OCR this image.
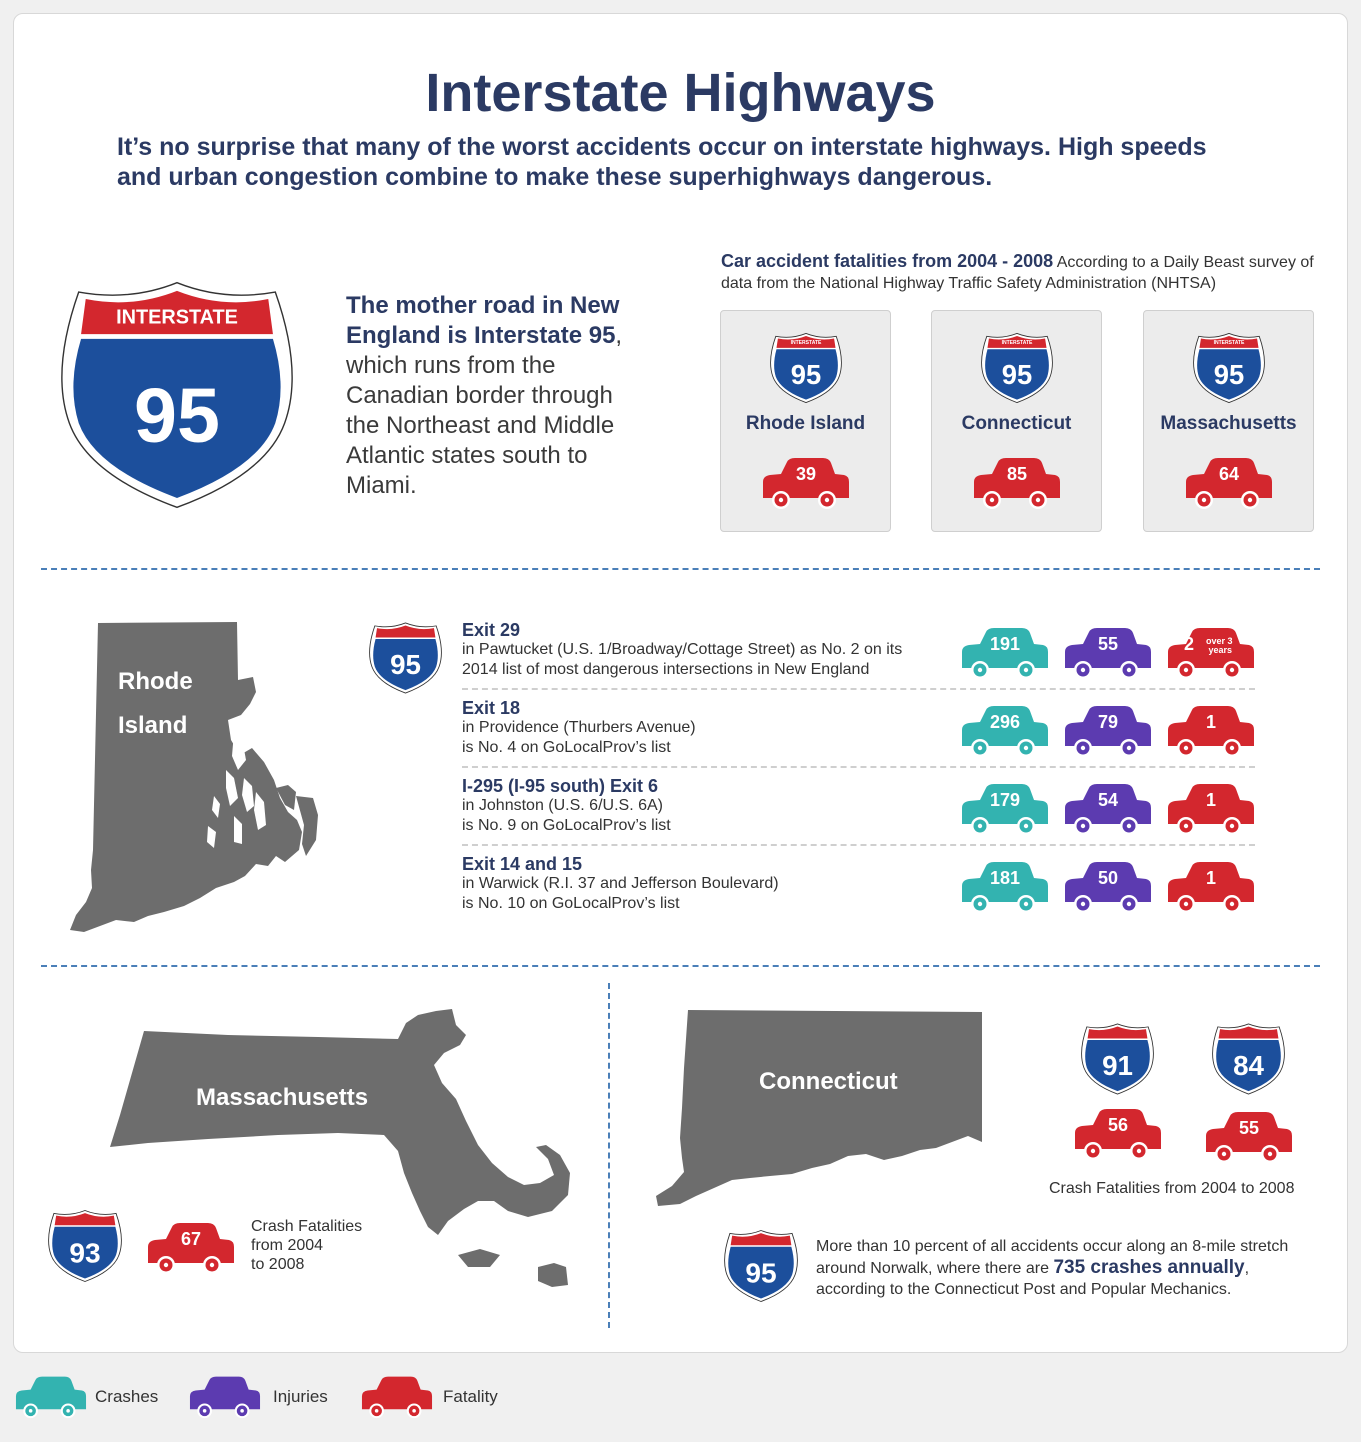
Interstate Highways

It’s no surprise that many of the worst accidents occur on interstate highways. High speeds and urban congestion combine to make these superhighways dangerous.

INTERSTATE
95

The mother road in New England is Interstate 95, which runs from the Canadian border through the Northeast and Middle Atlantic states south to Miami.

Car accident fatalities from 2004 - 2008 According to a Daily Beast survey of data from the National Highway Traffic Safety Administration (NHTSA)

INTERSTATE
95
Rhode Island
39
INTERSTATE
95
Connecticut
85
INTERSTATE
95
Massachusetts
64
Rhode
Island
95
Exit 29
in Pawtucket (U.S. 1/Broadway/Cottage Street) as No. 2 on its
2014 list of most dangerous intersections in New England
191	55	2	over 3
years
Exit 18
in Providence (Thurbers Avenue)
is No. 4 on GoLocalProv’s list
296	79	1
I-295 (I-95 south) Exit 6
in Johnston (U.S. 6/U.S. 6A)
is No. 9 on GoLocalProv’s list
179	54	1
Exit 14 and 15
in Warwick (R.I. 37 and Jefferson Boulevard)
is No. 10 on GoLocalProv’s list
181	50	1
Massachusetts
93	67
Crash Fatalities
from 2004
to 2008
Connecticut
91
56
84
55
Crash Fatalities from 2004 to 2008
95
More than 10 percent of all accidents occur along an 8-mile stretch around Norwalk, where there are 735 crashes annually, according to the Connecticut Post and Popular Mechanics.
Crashes	Injuries	Fatality
